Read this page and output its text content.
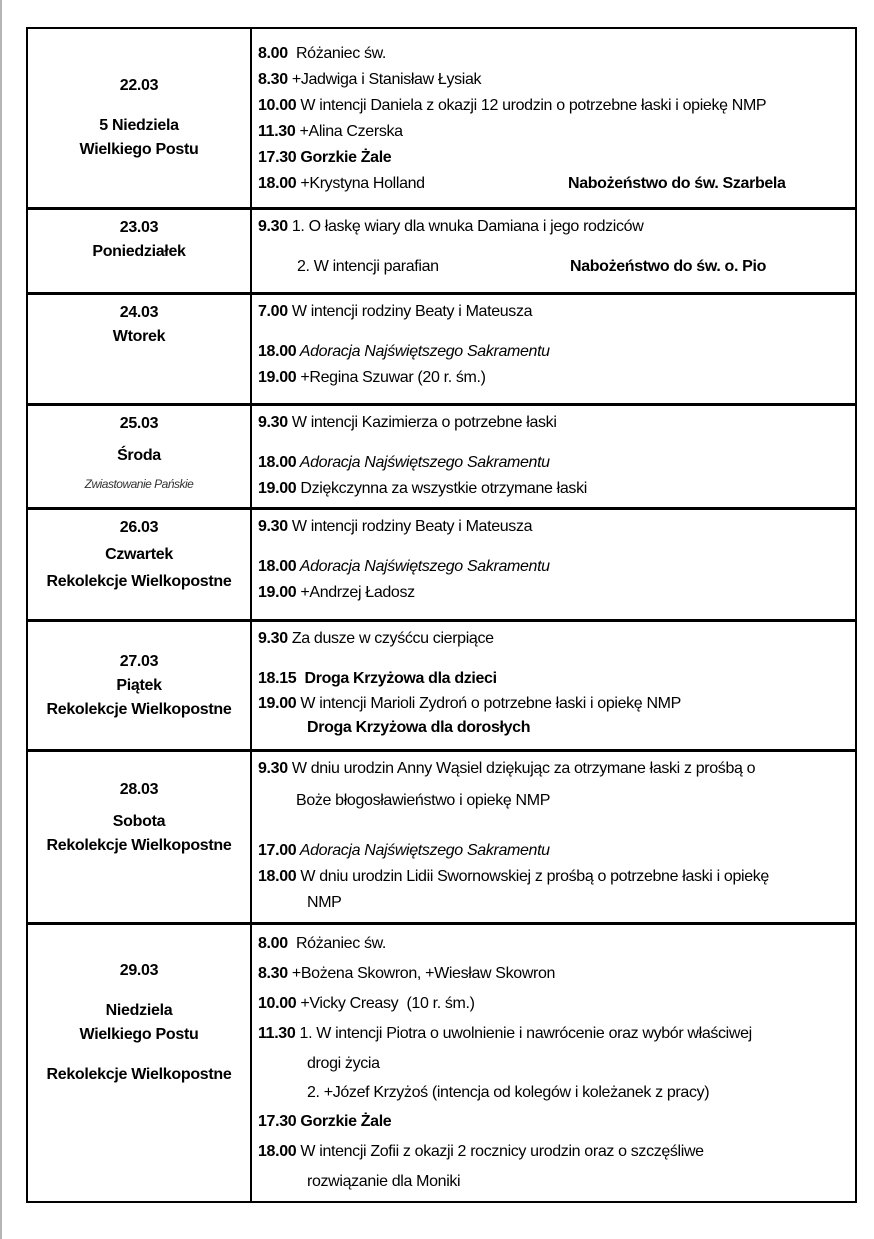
22.03
5 Niedziela
Wielkiego Postu
8.00  Różaniec św.
8.30 +Jadwiga i Stanisław Łysiak
10.00 W intencji Daniela z okazji 12 urodzin o potrzebne łaski i opiekę NMP
11.30 +Alina Czerska
17.30 Gorzkie Żale
18.00 +Krystyna Holland	Nabożeństwo do św. Szarbela
23.03
Poniedziałek
9.30 1. O łaskę wiary dla wnuka Damiana i jego rodziców
2. W intencji parafian	Nabożeństwo do św. o. Pio
24.03
Wtorek
7.00 W intencji rodziny Beaty i Mateusza
18.00 Adoracja Najświętszego Sakramentu
19.00 +Regina Szuwar (20 r. śm.)
25.03
Środa
Zwiastowanie Pańskie
9.30 W intencji Kazimierza o potrzebne łaski
18.00 Adoracja Najświętszego Sakramentu
19.00 Dziękczynna za wszystkie otrzymane łaski
26.03
Czwartek
Rekolekcje Wielkopostne
9.30 W intencji rodziny Beaty i Mateusza
18.00 Adoracja Najświętszego Sakramentu
19.00 +Andrzej Ładosz
27.03
Piątek
Rekolekcje Wielkopostne
9.30 Za dusze w czyśćcu cierpiące
18.15  Droga Krzyżowa dla dzieci
19.00 W intencji Marioli Zydroń o potrzebne łaski i opiekę NMP
Droga Krzyżowa dla dorosłych
28.03
Sobota
Rekolekcje Wielkopostne
9.30 W dniu urodzin Anny Wąsiel dziękując za otrzymane łaski z prośbą o
Boże błogosławieństwo i opiekę NMP
17.00 Adoracja Najświętszego Sakramentu
18.00 W dniu urodzin Lidii Swornowskiej z prośbą o potrzebne łaski i opiekę
NMP
29.03
Niedziela
Wielkiego Postu
Rekolekcje Wielkopostne
8.00  Różaniec św.
8.30 +Bożena Skowron, +Wiesław Skowron
10.00 +Vicky Creasy  (10 r. śm.)
11.30 1. W intencji Piotra o uwolnienie i nawrócenie oraz wybór właściwej
drogi życia
2. +Józef Krzyżoś (intencja od kolegów i koleżanek z pracy)
17.30 Gorzkie Żale
18.00 W intencji Zofii z okazji 2 rocznicy urodzin oraz o szczęśliwe
rozwiązanie dla Moniki
